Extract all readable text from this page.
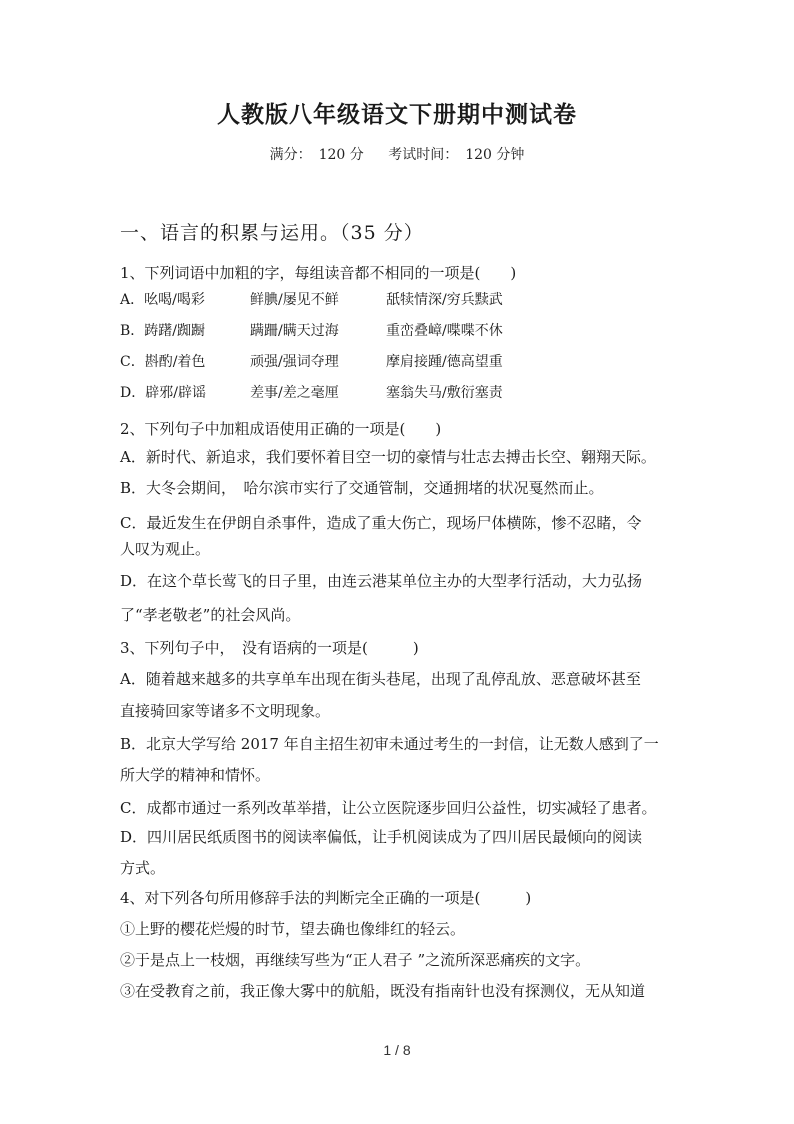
人教版八年级语文下册期中测试卷
满分：　120 分 考试时间：　120 分钟
一、语言的积累与运用。（35 分）
1、下列词语中加粗的字，每组读音都不相同的一项是(　　)
A．吆喝/喝彩	鲜腆/屡见不鲜	舐犊情深/穷兵黩武
B．踌躇/踟蹰	蹒跚/瞒天过海	重峦叠嶂/喋喋不休
C．斟酌/着色	顽强/强词夺理	摩肩接踵/德高望重
D．辟邪/辟谣	差事/差之毫厘	塞翁失马/敷衍塞责
2、下列句子中加粗成语使用正确的一项是(　　)
A．新时代、新追求，我们要怀着目空一切的豪情与壮志去搏击长空、翱翔天际。
B．大冬会期间，　哈尔滨市实行了交通管制，交通拥堵的状况戛然而止。
C．最近发生在伊朗自杀事件，造成了重大伤亡，现场尸体横陈，惨不忍睹，令
人叹为观止。
D．在这个草长莺飞的日子里，由连云港某单位主办的大型孝行活动，大力弘扬
了“孝老敬老”的社会风尚。
3、下列句子中，　没有语病的一项是(　　　)
A．随着越来越多的共享单车出现在街头巷尾，出现了乱停乱放、恶意破坏甚至
直接骑回家等诸多不文明现象。
B．北京大学写给 2017 年自主招生初审未通过考生的一封信，让无数人感到了一
所大学的精神和情怀。
C．成都市通过一系列改革举措，让公立医院逐步回归公益性，切实减轻了患者。
D．四川居民纸质图书的阅读率偏低，让手机阅读成为了四川居民最倾向的阅读
方式。
4、对下列各句所用修辞手法的判断完全正确的一项是(　　　)
①上野的樱花烂熳的时节，望去确也像绯红的轻云。
②于是点上一枝烟，再继续写些为“正人君子 ”之流所深恶痛疾的文字。
③在受教育之前，我正像大雾中的航船，既没有指南针也没有探测仪，无从知道
1 / 8
